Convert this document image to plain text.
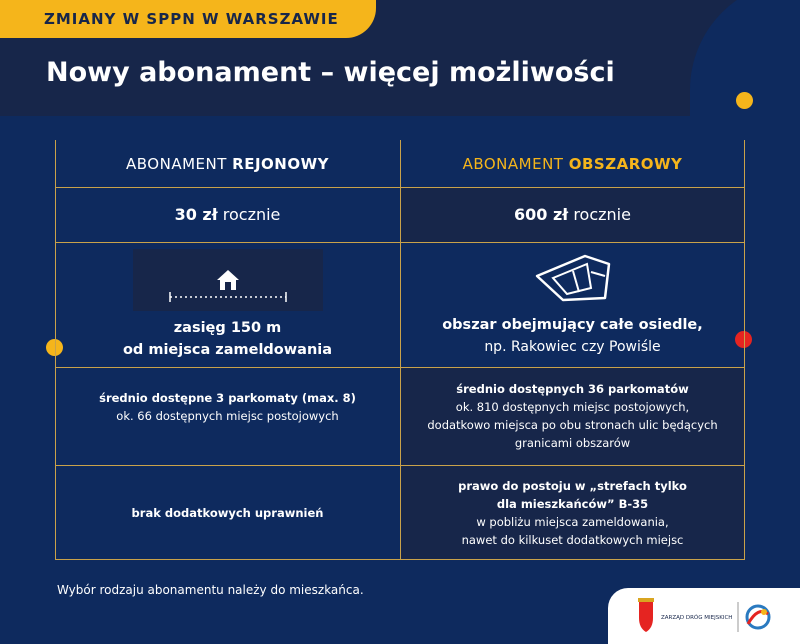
ZMIANY W SPPN W WARSZAWIE
Nowy abonament – więcej możliwości
ABONAMENT REJONOWY	ABONAMENT OBSZAROWY
30 zł rocznie	600 zł rocznie
zasięg 150 m
od miejsca zameldowania
obszar obejmujący całe osiedle,
np. Rakowiec czy Powiśle
średnio dostępne 3 parkomaty (max. 8)
ok. 66 dostępnych miejsc postojowych
średnio dostępnych 36 parkomatów
ok. 810 dostępnych miejsc postojowych,
dodatkowo miejsca po obu stronach ulic będących
granicami obszarów
brak dodatkowych uprawnień
prawo do postoju w „strefach tylko
dla mieszkańców” B-35
w pobliżu miejsca zameldowania,
nawet do kilkuset dodatkowych miejsc
Wybór rodzaju abonamentu należy do mieszkańca.
ZARZĄD DRÓG MIEJSKICH
